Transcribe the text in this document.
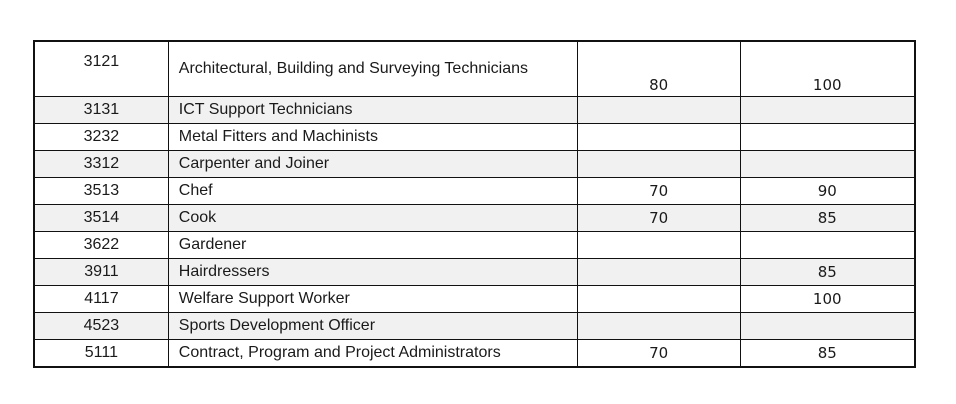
3121	Architectural, Building and Surveying Technicians	80	100
3131	ICT Support Technicians		
3232	Metal Fitters and Machinists		
3312	Carpenter and Joiner		
3513	Chef	70	90
3514	Cook	70	85
3622	Gardener		
3911	Hairdressers		85
4117	Welfare Support Worker		100
4523	Sports Development Officer		
5111	Contract, Program and Project Administrators	70	85
